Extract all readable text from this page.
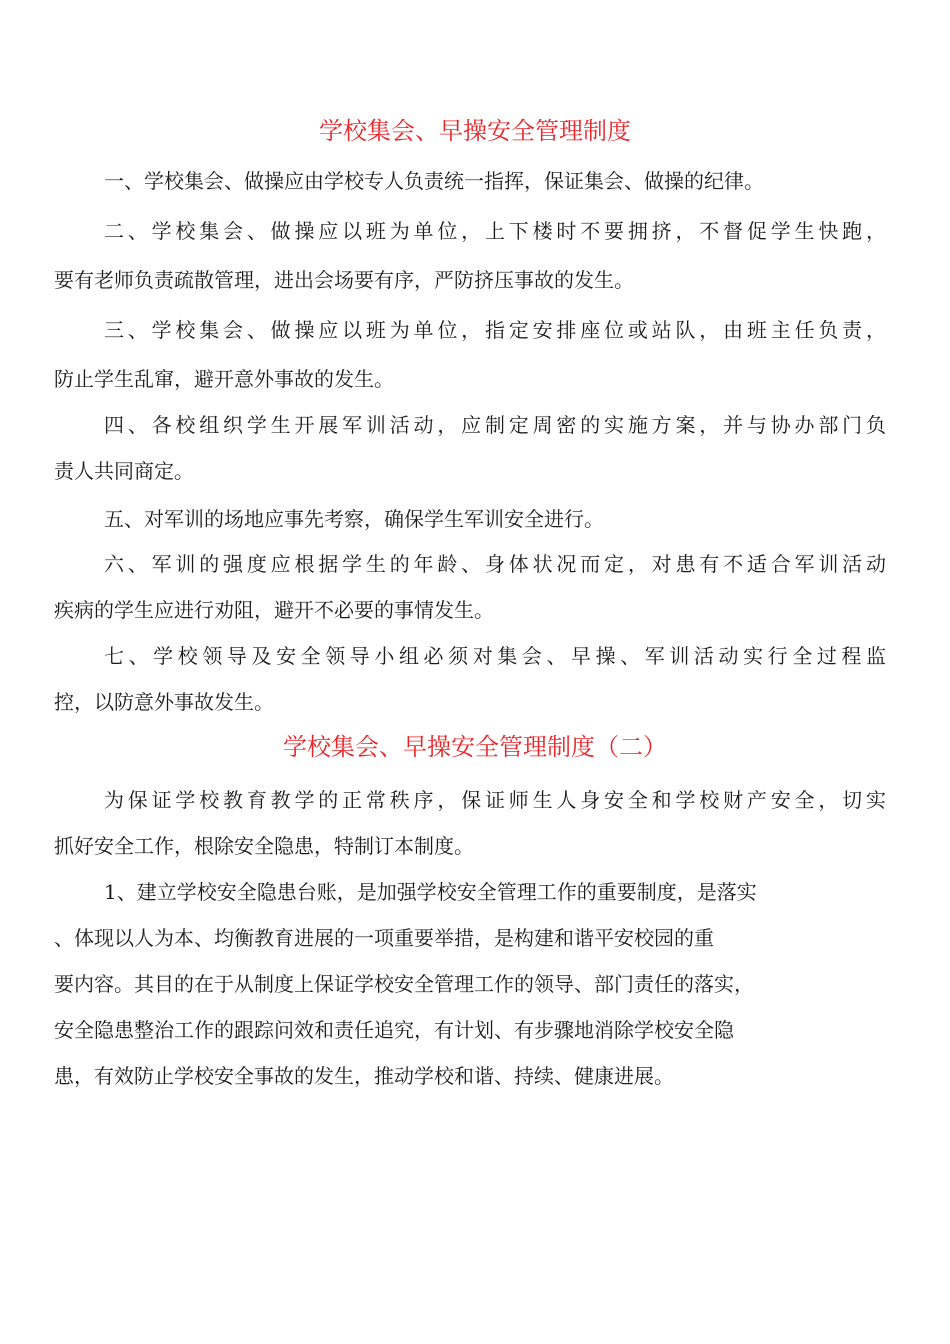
学校集会、早操安全管理制度

一、学校集会、做操应由学校专人负责统一指挥，保证集会、做操的纪律。

二、学校集会、做操应以班为单位，上下楼时不要拥挤，不督促学生快跑，

要有老师负责疏散管理，进出会场要有序，严防挤压事故的发生。

三、学校集会、做操应以班为单位，指定安排座位或站队，由班主任负责，

防止学生乱窜，避开意外事故的发生。

四、各校组织学生开展军训活动，应制定周密的实施方案，并与协办部门负

责人共同商定。

五、对军训的场地应事先考察，确保学生军训安全进行。

六、军训的强度应根据学生的年龄、身体状况而定，对患有不适合军训活动

疾病的学生应进行劝阻，避开不必要的事情发生。

七、学校领导及安全领导小组必须对集会、早操、军训活动实行全过程监

控，以防意外事故发生。

学校集会、早操安全管理制度（二）

为保证学校教育教学的正常秩序，保证师生人身安全和学校财产安全，切实

抓好安全工作，根除安全隐患，特制订本制度。

1、建立学校安全隐患台账，是加强学校安全管理工作的重要制度，是落实

、体现以人为本、均衡教育进展的一项重要举措，是构建和谐平安校园的重

要内容。其目的在于从制度上保证学校安全管理工作的领导、部门责任的落实，

安全隐患整治工作的跟踪问效和责任追究，有计划、有步骤地消除学校安全隐

患，有效防止学校安全事故的发生，推动学校和谐、持续、健康进展。
